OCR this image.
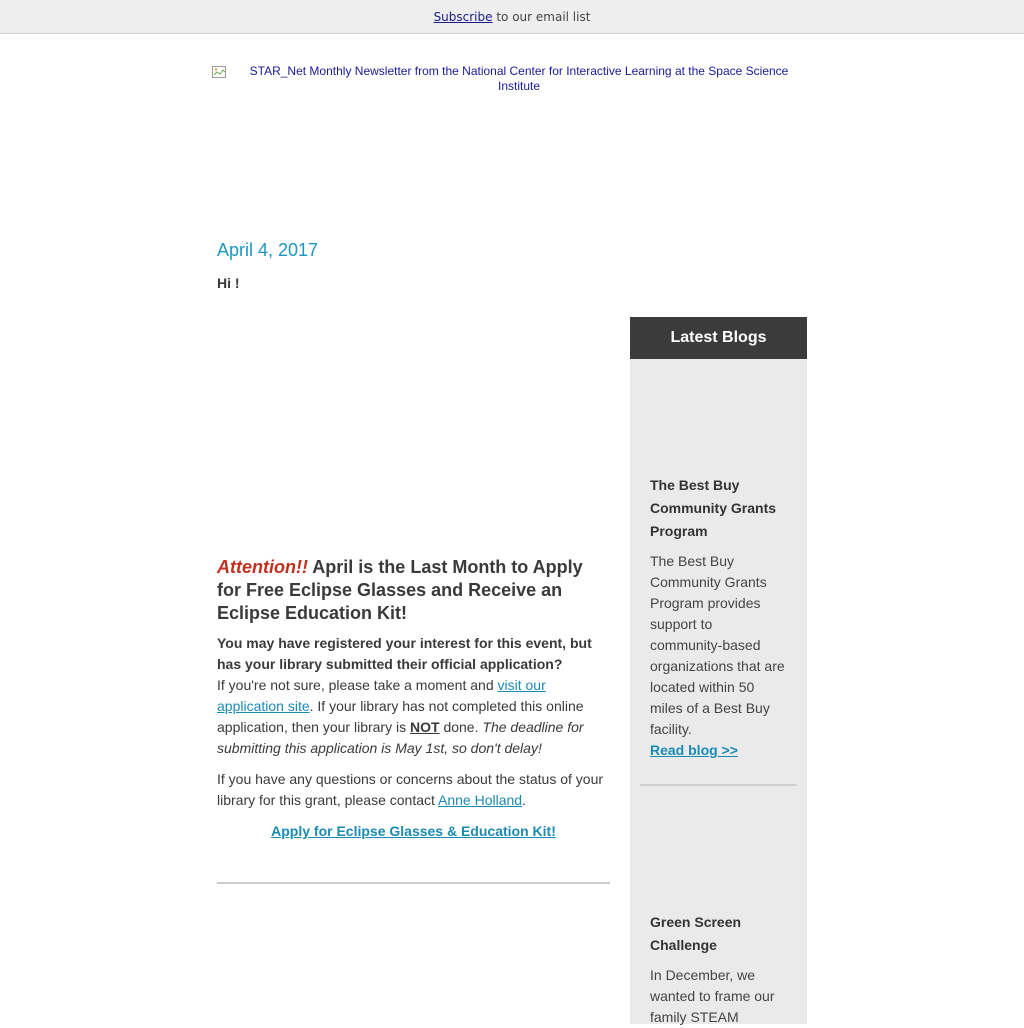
Subscribe to our email list
STAR_Net Monthly Newsletter from the National Center for Interactive Learning at the Space Science Institute
April 4, 2017
Hi !
Attention!! April is the Last Month to Apply for Free Eclipse Glasses and Receive an Eclipse Education Kit!

You may have registered your interest for this event, but has your library submitted their official application?

If you're not sure, please take a moment and visit our application site. If your library has not completed this online application, then your library is NOT done. The deadline for submitting this application is May 1st, so don't delay!

If you have any questions or concerns about the status of your library for this grant, please contact Anne Holland.

Apply for Eclipse Glasses & Education Kit!

Latest Blogs
The Best Buy Community Grants Program
The Best Buy Community Grants Program provides support to community-based organizations that are located within 50 miles of a Best Buy facility.
Read blog >>
Green Screen Challenge
In December, we wanted to frame our family STEAM
